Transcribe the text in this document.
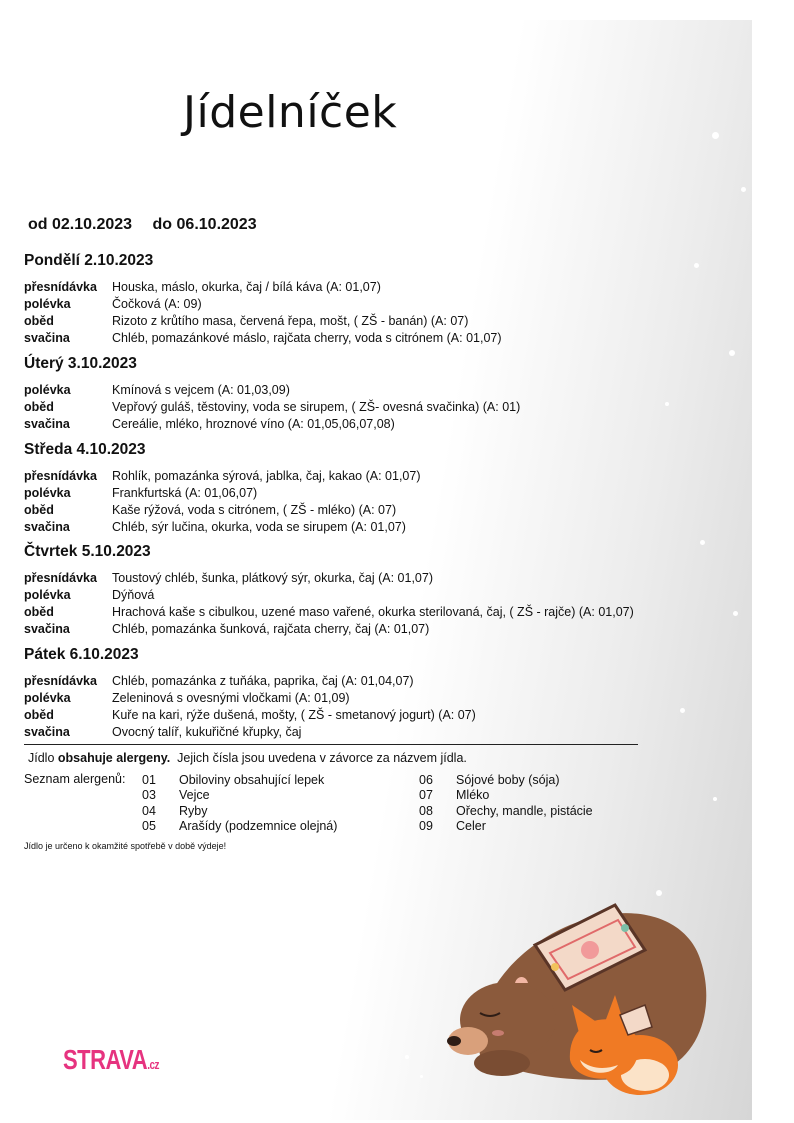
Jídelníček
od 02.10.2023 do 06.10.2023
Pondělí 2.10.2023
přesnídávka Houska, máslo, okurka, čaj / bílá káva (A: 01,07)
polévka	Čočková (A: 09)
oběd	Rizoto z krůtího masa, červená řepa, mošt, ( ZŠ - banán) (A: 07)
svačina	Chléb, pomazánkové máslo, rajčata cherry, voda s citrónem (A: 01,07)
Úterý 3.10.2023
polévka	Kmínová s vejcem (A: 01,03,09)
oběd	Vepřový guláš, těstoviny, voda se sirupem, ( ZŠ- ovesná svačinka) (A: 01)
svačina	Cereálie, mléko, hroznové víno (A: 01,05,06,07,08)
Středa 4.10.2023
přesnídávka Rohlík, pomazánka sýrová, jablka, čaj, kakao (A: 01,07)
polévka	Frankfurtská (A: 01,06,07)
oběd	Kaše rýžová, voda s citrónem, ( ZŠ - mléko) (A: 07)
svačina	Chléb, sýr lučina, okurka, voda se sirupem (A: 01,07)
Čtvrtek 5.10.2023
přesnídávka Toustový chléb, šunka, plátkový sýr, okurka, čaj (A: 01,07)
polévka	Dýňová
oběd	Hrachová kaše s cibulkou, uzené maso vařené, okurka sterilovaná, čaj, ( ZŠ - rajče) (A: 01,07)
svačina	Chléb, pomazánka šunková, rajčata cherry, čaj (A: 01,07)
Pátek 6.10.2023
přesnídávka Chléb, pomazánka z tuňáka, paprika, čaj (A: 01,04,07)
polévka	Zeleninová s ovesnými vločkami (A: 01,09)
oběd	Kuře na kari, rýže dušená, mošty, ( ZŠ - smetanový jogurt) (A: 07)
svačina	Ovocný talíř, kukuřičné křupky, čaj
Jídlo obsahuje alergeny.  Jejich čísla jsou uvedena v závorce za názvem jídla.
Seznam alergenů: 01 Obiloviny obsahující lepek
03 Vejce
04 Ryby
05 Arašídy (podzemnice olejná)
06 Sójové boby (sója)
07 Mléko
08 Ořechy, mandle, pistácie
09 Celer
Jídlo je určeno k okamžité spotřebě v době výdeje!
STRAVA.cz
